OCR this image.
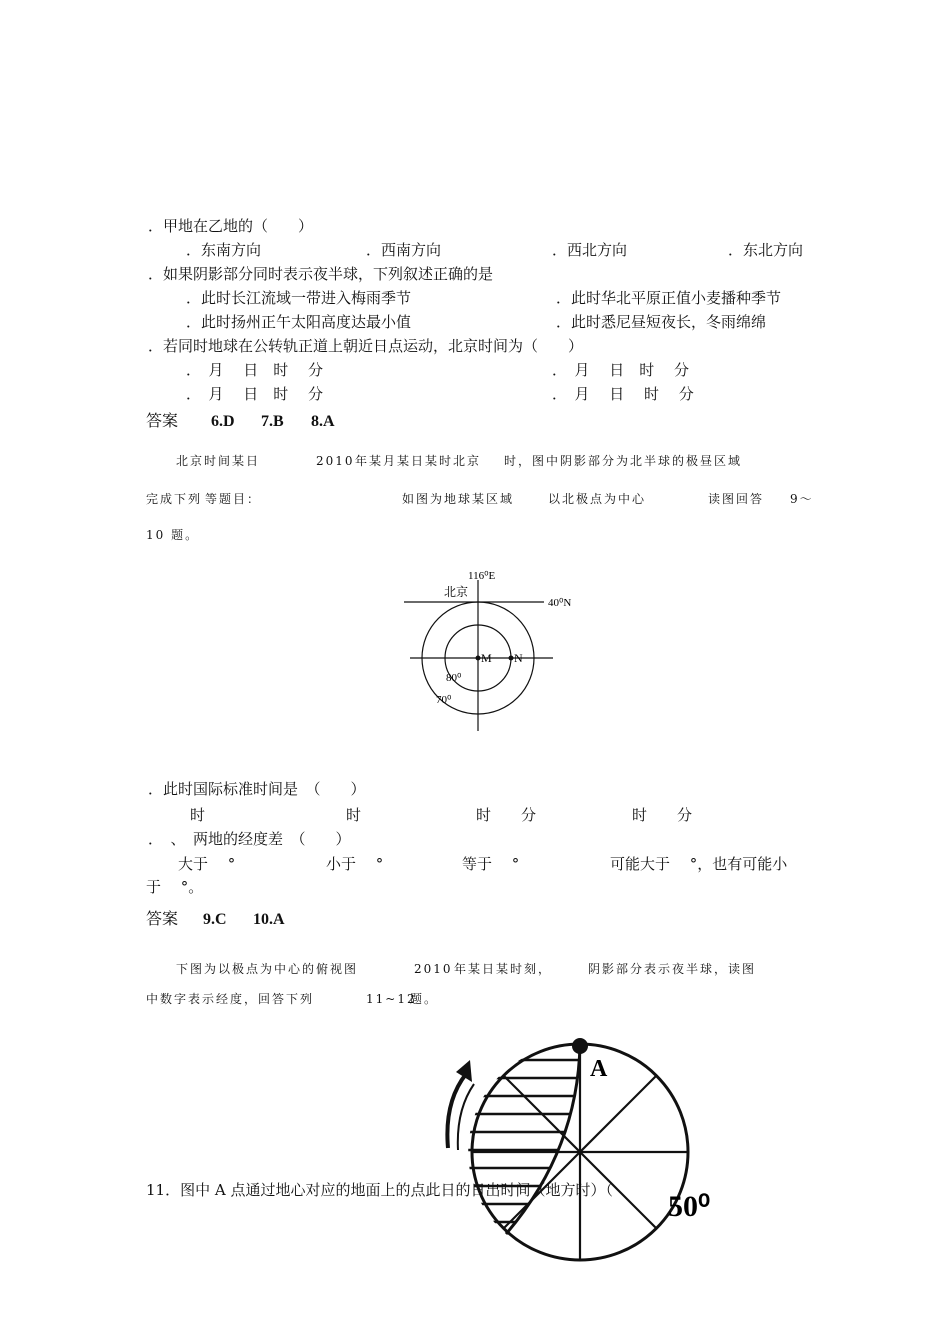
．甲地在乙地的（　　）
．东南方向	．西南方向	．西北方向	．东北方向
．如果阴影部分同时表示夜半球，下列叙述正确的是
．此时长江流域一带进入梅雨季节	．此时华北平原正值小麦播种季节
．此时扬州正午太阳高度达最小值	．此时悉尼昼短夜长，冬雨绵绵
．若同时地球在公转轨正道上朝近日点运动，北京时间为（　　）
．　月　 日　时　 分	．　月　 日　时　 分
．　月　 日　时　 分	．　月　 日　 时　 分
答案 6.D 7.B 8.A
北京时间某日	2010 年某月某日某时北京 时，图中阴影部分为北半球的极昼区域
完成下列 等题目：	如图为地球某区域	以北极点为中心	读图回答 9～
10 题。
116⁰E
北京
40⁰N
M N
80⁰
70⁰
．此时国际标准时间是　（　　）
时	时	时　　分	时　　分
．　、　两地的经度差　（　　）
大于　 °	小于　 °	等于　 °	可能大于　 °，也有可能小
于　 °。
答案 9.C 10.A
下图为以极点为中心的俯视图	2010 年某日某时刻，	阴影部分表示夜半球，读图
中数字表示经度，回答下列	11~12
题。
A
50⁰
11．图中 A 点通过地心对应的地面上的点此日的日出时间（地方时）（
